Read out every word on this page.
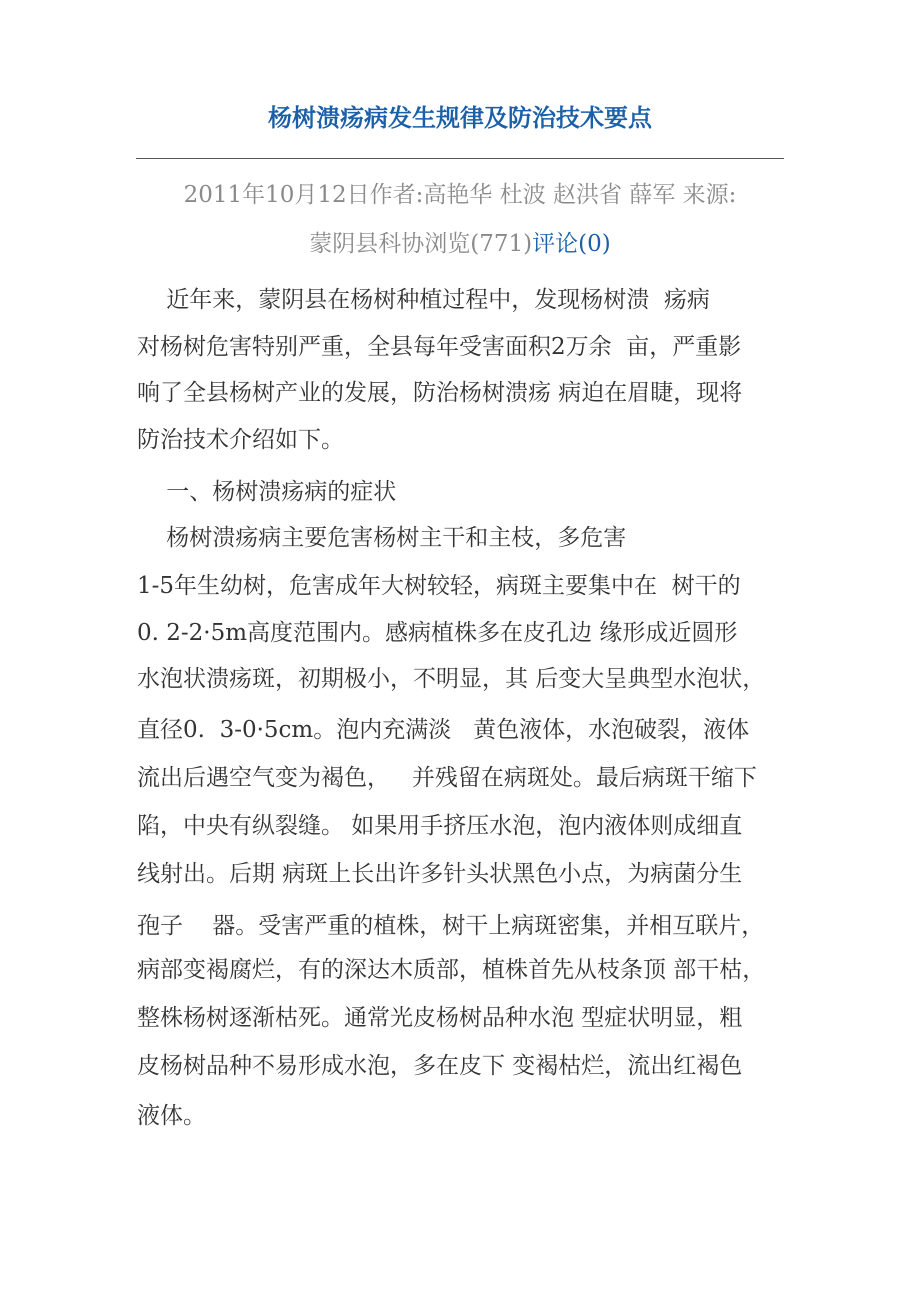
杨树溃疡病发生规律及防治技术要点
2011年10月12日作者:高艳华 杜波 赵洪省 薛军 来源:
蒙阴县科协浏览(771)评论(0)
近年来，蒙阴县在杨树种植过程中，发现杨树溃  疡病
对杨树危害特别严重，全县每年受害面积2万余  亩，严重影
响了全县杨树产业的发展，防治杨树溃疡 病迫在眉睫，现将
防治技术介绍如下。
一、杨树溃疡病的症状
杨树溃疡病主要危害杨树主干和主枝，多危害
1-5年生幼树，危害成年大树较轻，病斑主要集中在  树干的
0. 2-2·5m高度范围内。感病植株多在皮孔边 缘形成近圆形
水泡状溃疡斑，初期极小，不明显，其 后变大呈典型水泡状，
直径0.  3-0·5cm。泡内充满淡   黄色液体，水泡破裂，液体
流出后遇空气变为褐色，   并残留在病斑处。最后病斑干缩下
陷，中央有纵裂缝。 如果用手挤压水泡，泡内液体则成细直
线射出。后期 病斑上长出许多针头状黑色小点，为病菌分生
孢子    器。受害严重的植株，树干上病斑密集，并相互联片，
病部变褐腐烂，有的深达木质部，植株首先从枝条顶 部干枯，
整株杨树逐渐枯死。通常光皮杨树品种水泡 型症状明显，粗
皮杨树品种不易形成水泡，多在皮下 变褐枯烂，流出红褐色
液体。
